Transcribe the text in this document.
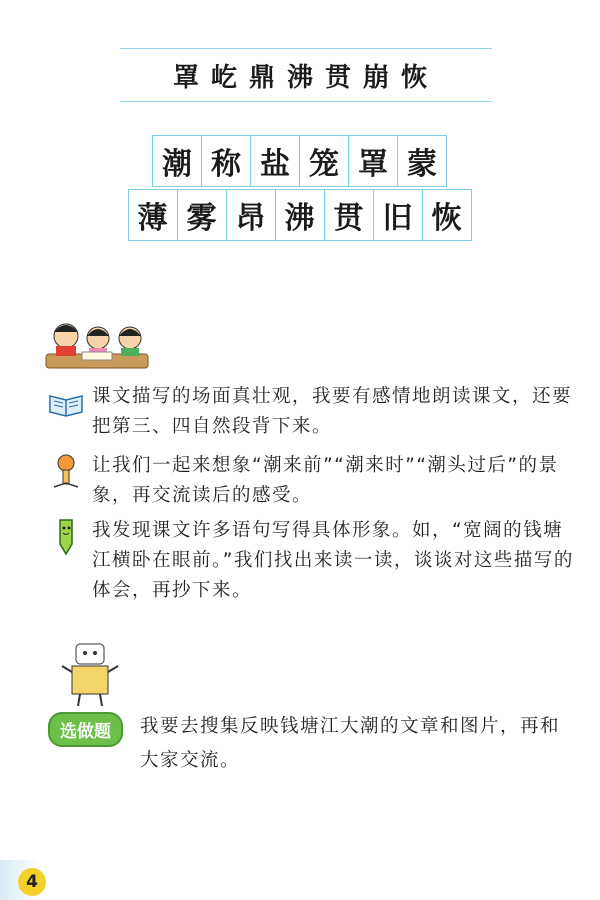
罩屹鼎沸贯崩恢
潮 称 盐 笼 罩 蒙
薄 雾 昂 沸 贯 旧 恢
课文描写的场面真壮观，我要有感情地朗读课文，还要把第三、四自然段背下来。
让我们一起来想象“潮来前”“潮来时”“潮头过后”的景象，再交流读后的感受。
我发现课文许多语句写得具体形象。如，“宽阔的钱塘江横卧在眼前。”我们找出来读一读，谈谈对这些描写的体会，再抄下来。
选做题	我要去搜集反映钱塘江大潮的文章和图片，再和大家交流。
4
